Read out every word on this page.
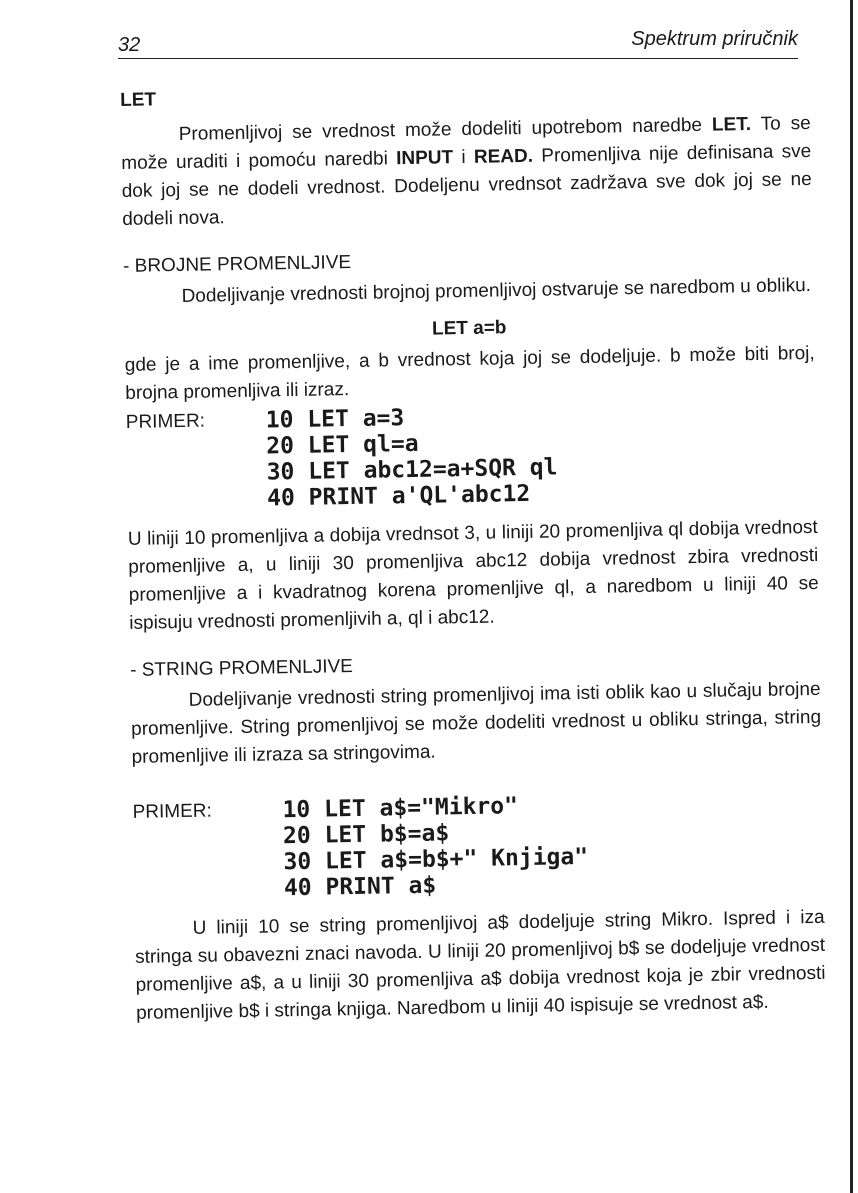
32	Spektrum priručnik
LET

Promenljivoj se vrednost može dodeliti upotrebom naredbe LET. To se može uraditi i pomoću naredbi INPUT i READ. Promenljiva nije definisana sve dok joj se ne dodeli vrednost. Dodeljenu vrednsot zadržava sve dok joj se ne dodeli nova.

- BROJNE PROMENLJIVE

Dodeljivanje vrednosti brojnoj promenljivoj ostvaruje se naredbom u obliku.

LET a=b

gde je a ime promenljive, a b vrednost koja joj se dodeljuje. b može biti broj, brojna promenljiva ili izraz.

PRIMER:	10 LET a=3
20 LET ql=a
30 LET abc12=a+SQR ql
40 PRINT a'QL'abc12

U liniji 10 promenljiva a dobija vrednsot 3, u liniji 20 promenljiva ql dobija vrednost promenljive a, u liniji 30 promenljiva abc12 dobija vrednost zbira vrednosti promenljive a i kvadratnog korena promenljive ql, a naredbom u liniji 40 se ispisuju vrednosti promenljivih a, ql i abc12.

- STRING PROMENLJIVE

Dodeljivanje vrednosti string promenljivoj ima isti oblik kao u slučaju brojne promenljive. String promenljivoj se može dodeliti vrednost u obliku stringa, string promenljive ili izraza sa stringovima.

PRIMER:	10 LET a$="Mikro"
20 LET b$=a$
30 LET a$=b$+" Knjiga"
40 PRINT a$

U liniji 10 se string promenljivoj a$ dodeljuje string Mikro. Ispred i iza stringa su obavezni znaci navoda. U liniji 20 promenljivoj b$ se dodeljuje vrednost promenljive a$, a u liniji 30 promenljiva a$ dobija vrednost koja je zbir vrednosti promenljive b$ i stringa knjiga. Naredbom u liniji 40 ispisuje se vrednost a$.
